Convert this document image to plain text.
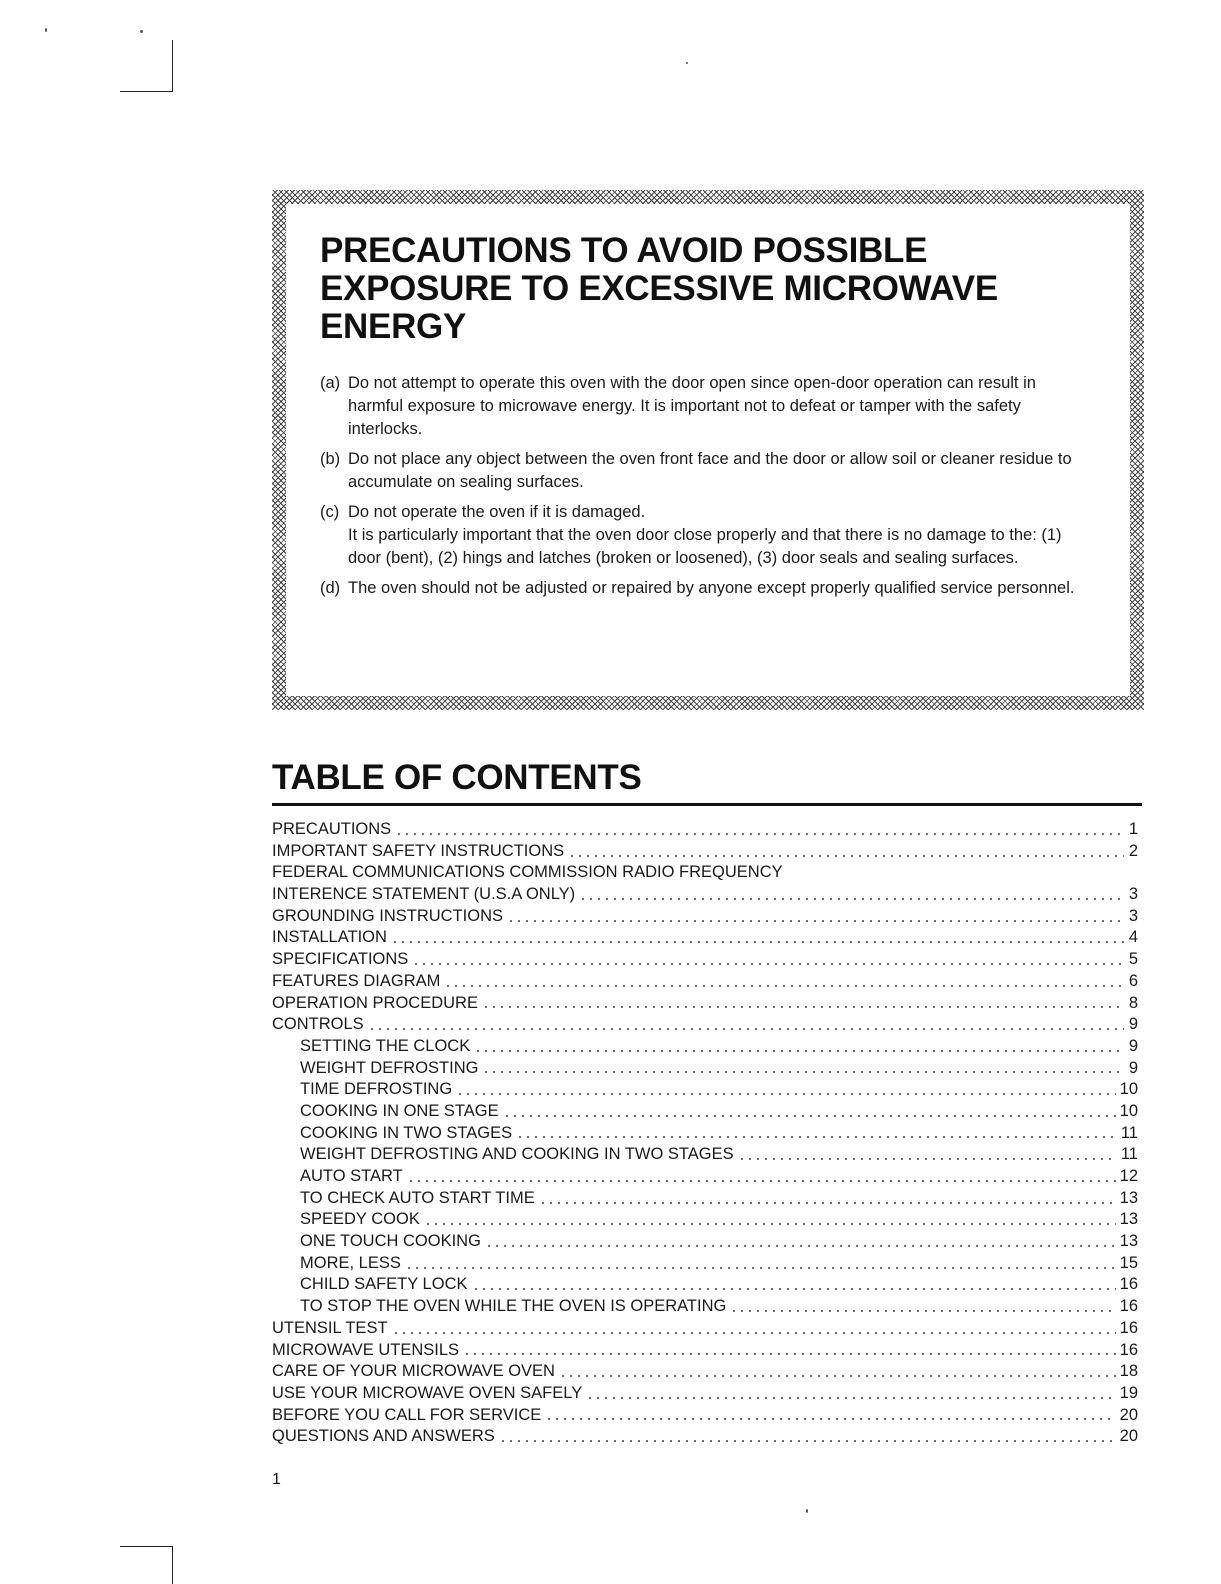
PRECAUTIONS TO AVOID POSSIBLE EXPOSURE TO EXCESSIVE MICROWAVE ENERGY
(a) Do not attempt to operate this oven with the door open since open-door operation can result in harmful exposure to microwave energy. It is important not to defeat or tamper with the safety interlocks.
(b) Do not place any object between the oven front face and the door or allow soil or cleaner residue to accumulate on sealing surfaces.
(c) Do not operate the oven if it is damaged.
It is particularly important that the oven door close properly and that there is no damage to the: (1) door (bent), (2) hings and latches (broken or loosened), (3) door seals and sealing surfaces.
(d) The oven should not be adjusted or repaired by anyone except properly qualified service personnel.
TABLE OF CONTENTS
PRECAUTIONS	1
IMPORTANT SAFETY INSTRUCTIONS	2
FEDERAL COMMUNICATIONS COMMISSION RADIO FREQUENCY
INTERENCE STATEMENT (U.S.A ONLY)	3
GROUNDING INSTRUCTIONS	3
INSTALLATION	4
SPECIFICATIONS	5
FEATURES DIAGRAM	6
OPERATION PROCEDURE	8
CONTROLS	9
SETTING THE CLOCK	9
WEIGHT DEFROSTING	9
TIME DEFROSTING	10
COOKING IN ONE STAGE	10
COOKING IN TWO STAGES	11
WEIGHT DEFROSTING AND COOKING IN TWO STAGES	11
AUTO START	12
TO CHECK AUTO START TIME	13
SPEEDY COOK	13
ONE TOUCH COOKING	13
MORE, LESS	15
CHILD SAFETY LOCK	16
TO STOP THE OVEN WHILE THE OVEN IS OPERATING	16
UTENSIL TEST	16
MICROWAVE UTENSILS	16
CARE OF YOUR MICROWAVE OVEN	18
USE YOUR MICROWAVE OVEN SAFELY	19
BEFORE YOU CALL FOR SERVICE	20
QUESTIONS AND ANSWERS	20
1
